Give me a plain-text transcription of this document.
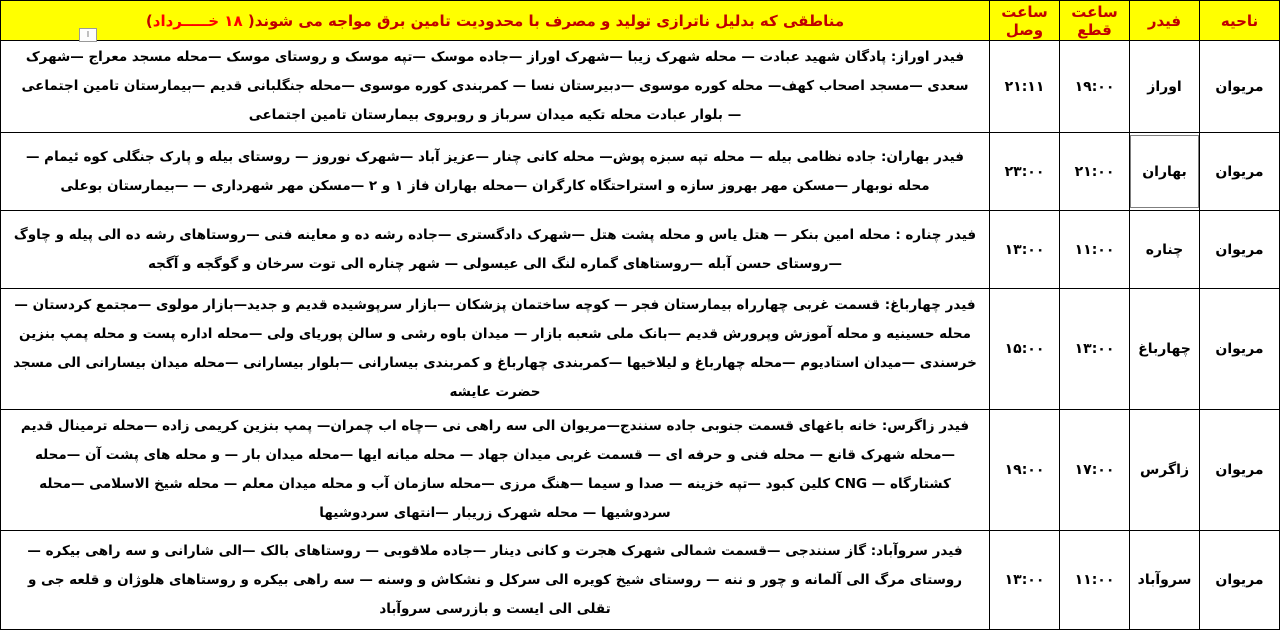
ناحیه	فیدر	ساعت قطع	ساعت وصل	مناطقی که بدلیل ناترازی تولید و مصرف با محدودیت تامین برق مواجه می شوند( ۱۸ خـــــرداد)
مریوان	اوراز	۱۹:۰۰	۲۱:۱۱	فیدر اوراز: پادگان شهید عبادت — محله شهرک زیبا —شهرک اوراز —جاده موسک —تپه موسک و روستای موسک —محله مسجد معراج —شهرک سعدی —مسجد اصحاب کهف— محله کوره موسوی —دبیرستان نسا — کمربندی کوره موسوی —محله جنگلبانی قدیم —بیمارستان تامین اجتماعی — بلوار عبادت محله تکیه میدان سرباز و روبروی بیمارستان تامین اجتماعی
مریوان	بهاران	۲۱:۰۰	۲۳:۰۰	فیدر بهاران: جاده نظامی بیله — محله تپه سبزه پوش— محله کانی چنار —عزیز آباد —شهرک نوروز — روستای بیله و پارک جنگلی کوه ئیمام —محله نوبهار —مسکن مهر بهروز سازه و استراحتگاه کارگران —محله بهاران فاز ۱ و ۲ —مسکن مهر شهرداری — —بیمارستان بوعلی
مریوان	چناره	۱۱:۰۰	۱۳:۰۰	فیدر چناره : محله امین بنکر — هتل یاس و محله پشت هتل —شهرک دادگستری —جاده رشه ده و معاینه فنی —روستاهای رشه ده الی پیله و چاوگ —روستای حسن آبله —روستاهای گماره لنگ الی عیسولی — شهر چناره الی توت سرخان و گوگجه و آگجه
مریوان	چهارباغ	۱۳:۰۰	۱۵:۰۰	فیدر چهارباغ: قسمت غربی چهارراه بیمارستان فجر — کوچه ساختمان پزشکان —بازار سرپوشیده قدیم و جدید—بازار مولوی —مجتمع کردستان —محله حسینیه و محله آموزش وپرورش قدیم —بانک ملی شعبه بازار — میدان باوه رشی و سالن پوریای ولی —محله اداره پست و محله پمپ بنزین خرسندی —میدان استادیوم —محله چهارباغ و لیلاخیها —کمربندی چهارباغ و کمربندی بیسارانی —بلوار بیسارانی —محله میدان بیسارانی الی مسجد حضرت عایشه
مریوان	زاگرس	۱۷:۰۰	۱۹:۰۰	فیدر زاگرس: خانه باغهای قسمت جنوبی جاده سنندج—مریوان الی سه راهی نی —چاه اب چمران— پمپ بنزین کریمی زاده —محله ترمینال قدیم —محله شهرک قانع — محله فنی و حرفه ای — قسمت غربی میدان جهاد — محله میانه ایها —محله میدان بار — و محله های پشت آن —محله کشتارگاه — CNG کلین کبود —تپه خزینه — صدا و سیما —هنگ مرزی —محله سازمان آب و محله میدان معلم — محله شیخ الاسلامی —محله سردوشیها — محله شهرک زریبار —انتهای سردوشیها
مریوان	سروآباد	۱۱:۰۰	۱۳:۰۰	فیدر سروآباد: گاز سنندجی —قسمت شمالی شهرک هجرت و کانی دینار —جاده ملاقوبی — روستاهای بالک —الی شارانی و سه راهی بیکره —روستای مرگ الی آلمانه و چور و ننه — روستای شیخ کویره الی سرکل و نشکاش و وسنه — سه راهی بیکره و روستاهای هلوژان و قلعه جی و تقلی الی ایست و بازرسی سروآباد
ا
